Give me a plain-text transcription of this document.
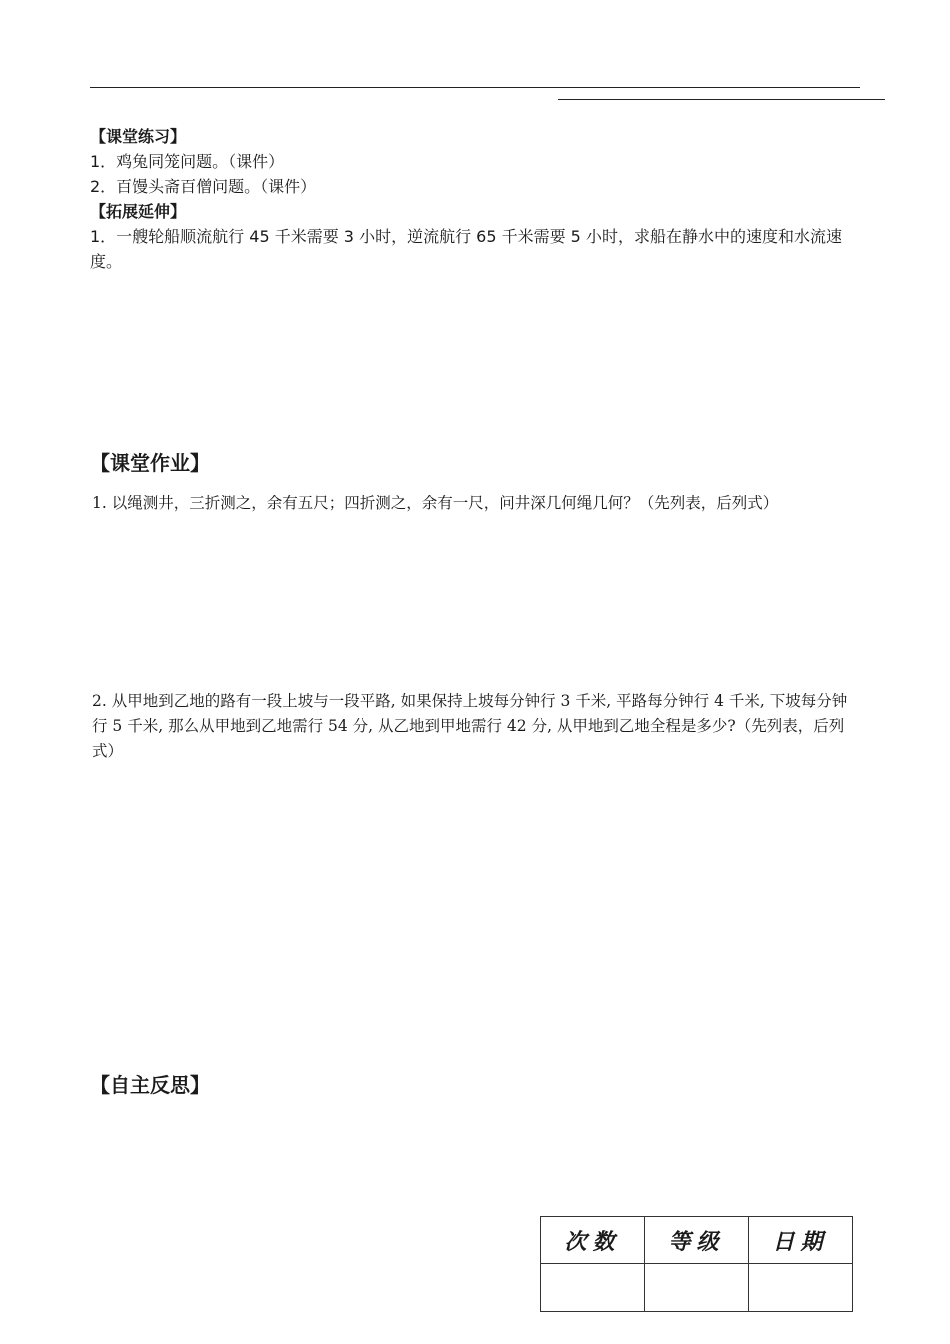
【课堂练习】
1．鸡兔同笼问题。（课件）
2．百馒头斋百僧问题。（课件）
【拓展延伸】
1．一艘轮船顺流航行 45 千米需要 3 小时，逆流航行 65 千米需要 5 小时，求船在静水中的速度和水流速度。
【课堂作业】
1. 以绳测井，三折测之，余有五尺；四折测之，余有一尺，问井深几何绳几何？（先列表，后列式）
2. 从甲地到乙地的路有一段上坡与一段平路, 如果保持上坡每分钟行 3 千米, 平路每分钟行 4 千米, 下坡每分钟行 5 千米, 那么从甲地到乙地需行 54 分, 从乙地到甲地需行 42 分, 从甲地到乙地全程是多少?（先列表，后列式）
【自主反思】
次数	等级	日期
